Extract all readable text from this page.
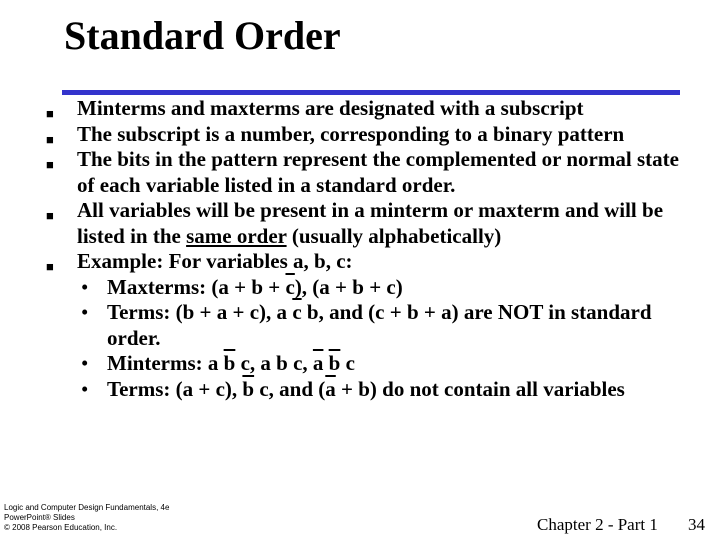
Standard Order
■ Minterms and maxterms are designated with a subscript
■ The subscript is a number, corresponding to a binary pattern
■ The bits in the pattern represent the complemented or normal state of each variable listed in a standard order.
■ All variables will be present in a minterm or maxterm and will be listed in the same order (usually alphabetically)
■ Example: For variables a, b, c:
• Maxterms: $(a + b + \overline{c})$, (a + b + c)
• Terms: (b + a + c), a $\overline{c}$ b, and (c + b + a) are NOT in standard order.
• Minterms: a $\overline{b}$ c, a b c, $\overline{a}$ $\overline{b}$ c
• Terms: (a + c), $\overline{b}$ c, and $(\overline{a} + b)$ do not contain all variables
Logic and Computer Design Fundamentals, 4e
PowerPoint® Slides
© 2008 Pearson Education, Inc.	Chapter 2 - Part 1 34
